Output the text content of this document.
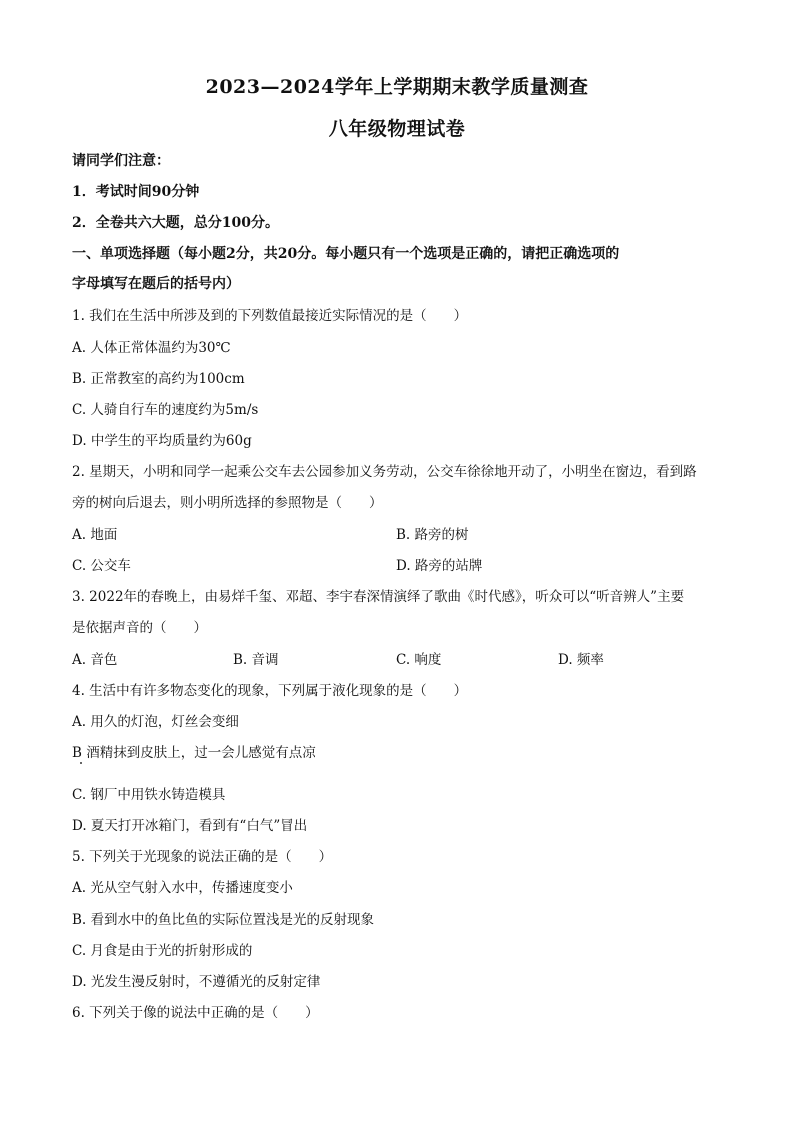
2023—2024学年上学期期末教学质量测查
八年级物理试卷
请同学们注意：
1．考试时间90分钟
2．全卷共六大题，总分100分。
一、单项选择题（每小题2分，共20分。每小题只有一个选项是正确的，请把正确选项的
字母填写在题后的括号内）
1. 我们在生活中所涉及到的下列数值最接近实际情况的是（　　）
A. 人体正常体温约为30℃
B. 正常教室的高约为100cm
C. 人骑自行车的速度约为5m/s
D. 中学生的平均质量约为60g
2. 星期天，小明和同学一起乘公交车去公园参加义务劳动，公交车徐徐地开动了，小明坐在窗边，看到路
旁的树向后退去，则小明所选择的参照物是（　　）
A. 地面	B. 路旁的树
C. 公交车	D. 路旁的站牌
3. 2022年的春晚上，由易烊千玺、邓超、李宇春深情演绎了歌曲《时代感》，听众可以“听音辨人”主要
是依据声音的（　　）
A. 音色	B. 音调	C. 响度	D. 频率
4. 生活中有许多物态变化的现象，下列属于液化现象的是（　　）
A. 用久的灯泡，灯丝会变细
B 酒精抹到皮肤上，过一会儿感觉有点凉
C. 钢厂中用铁水铸造模具
D. 夏天打开冰箱门，看到有“白气”冒出
5. 下列关于光现象的说法正确的是（　　）
A. 光从空气射入水中，传播速度变小
B. 看到水中的鱼比鱼的实际位置浅是光的反射现象
C. 月食是由于光的折射形成的
D. 光发生漫反射时，不遵循光的反射定律
6. 下列关于像的说法中正确的是（　　）
